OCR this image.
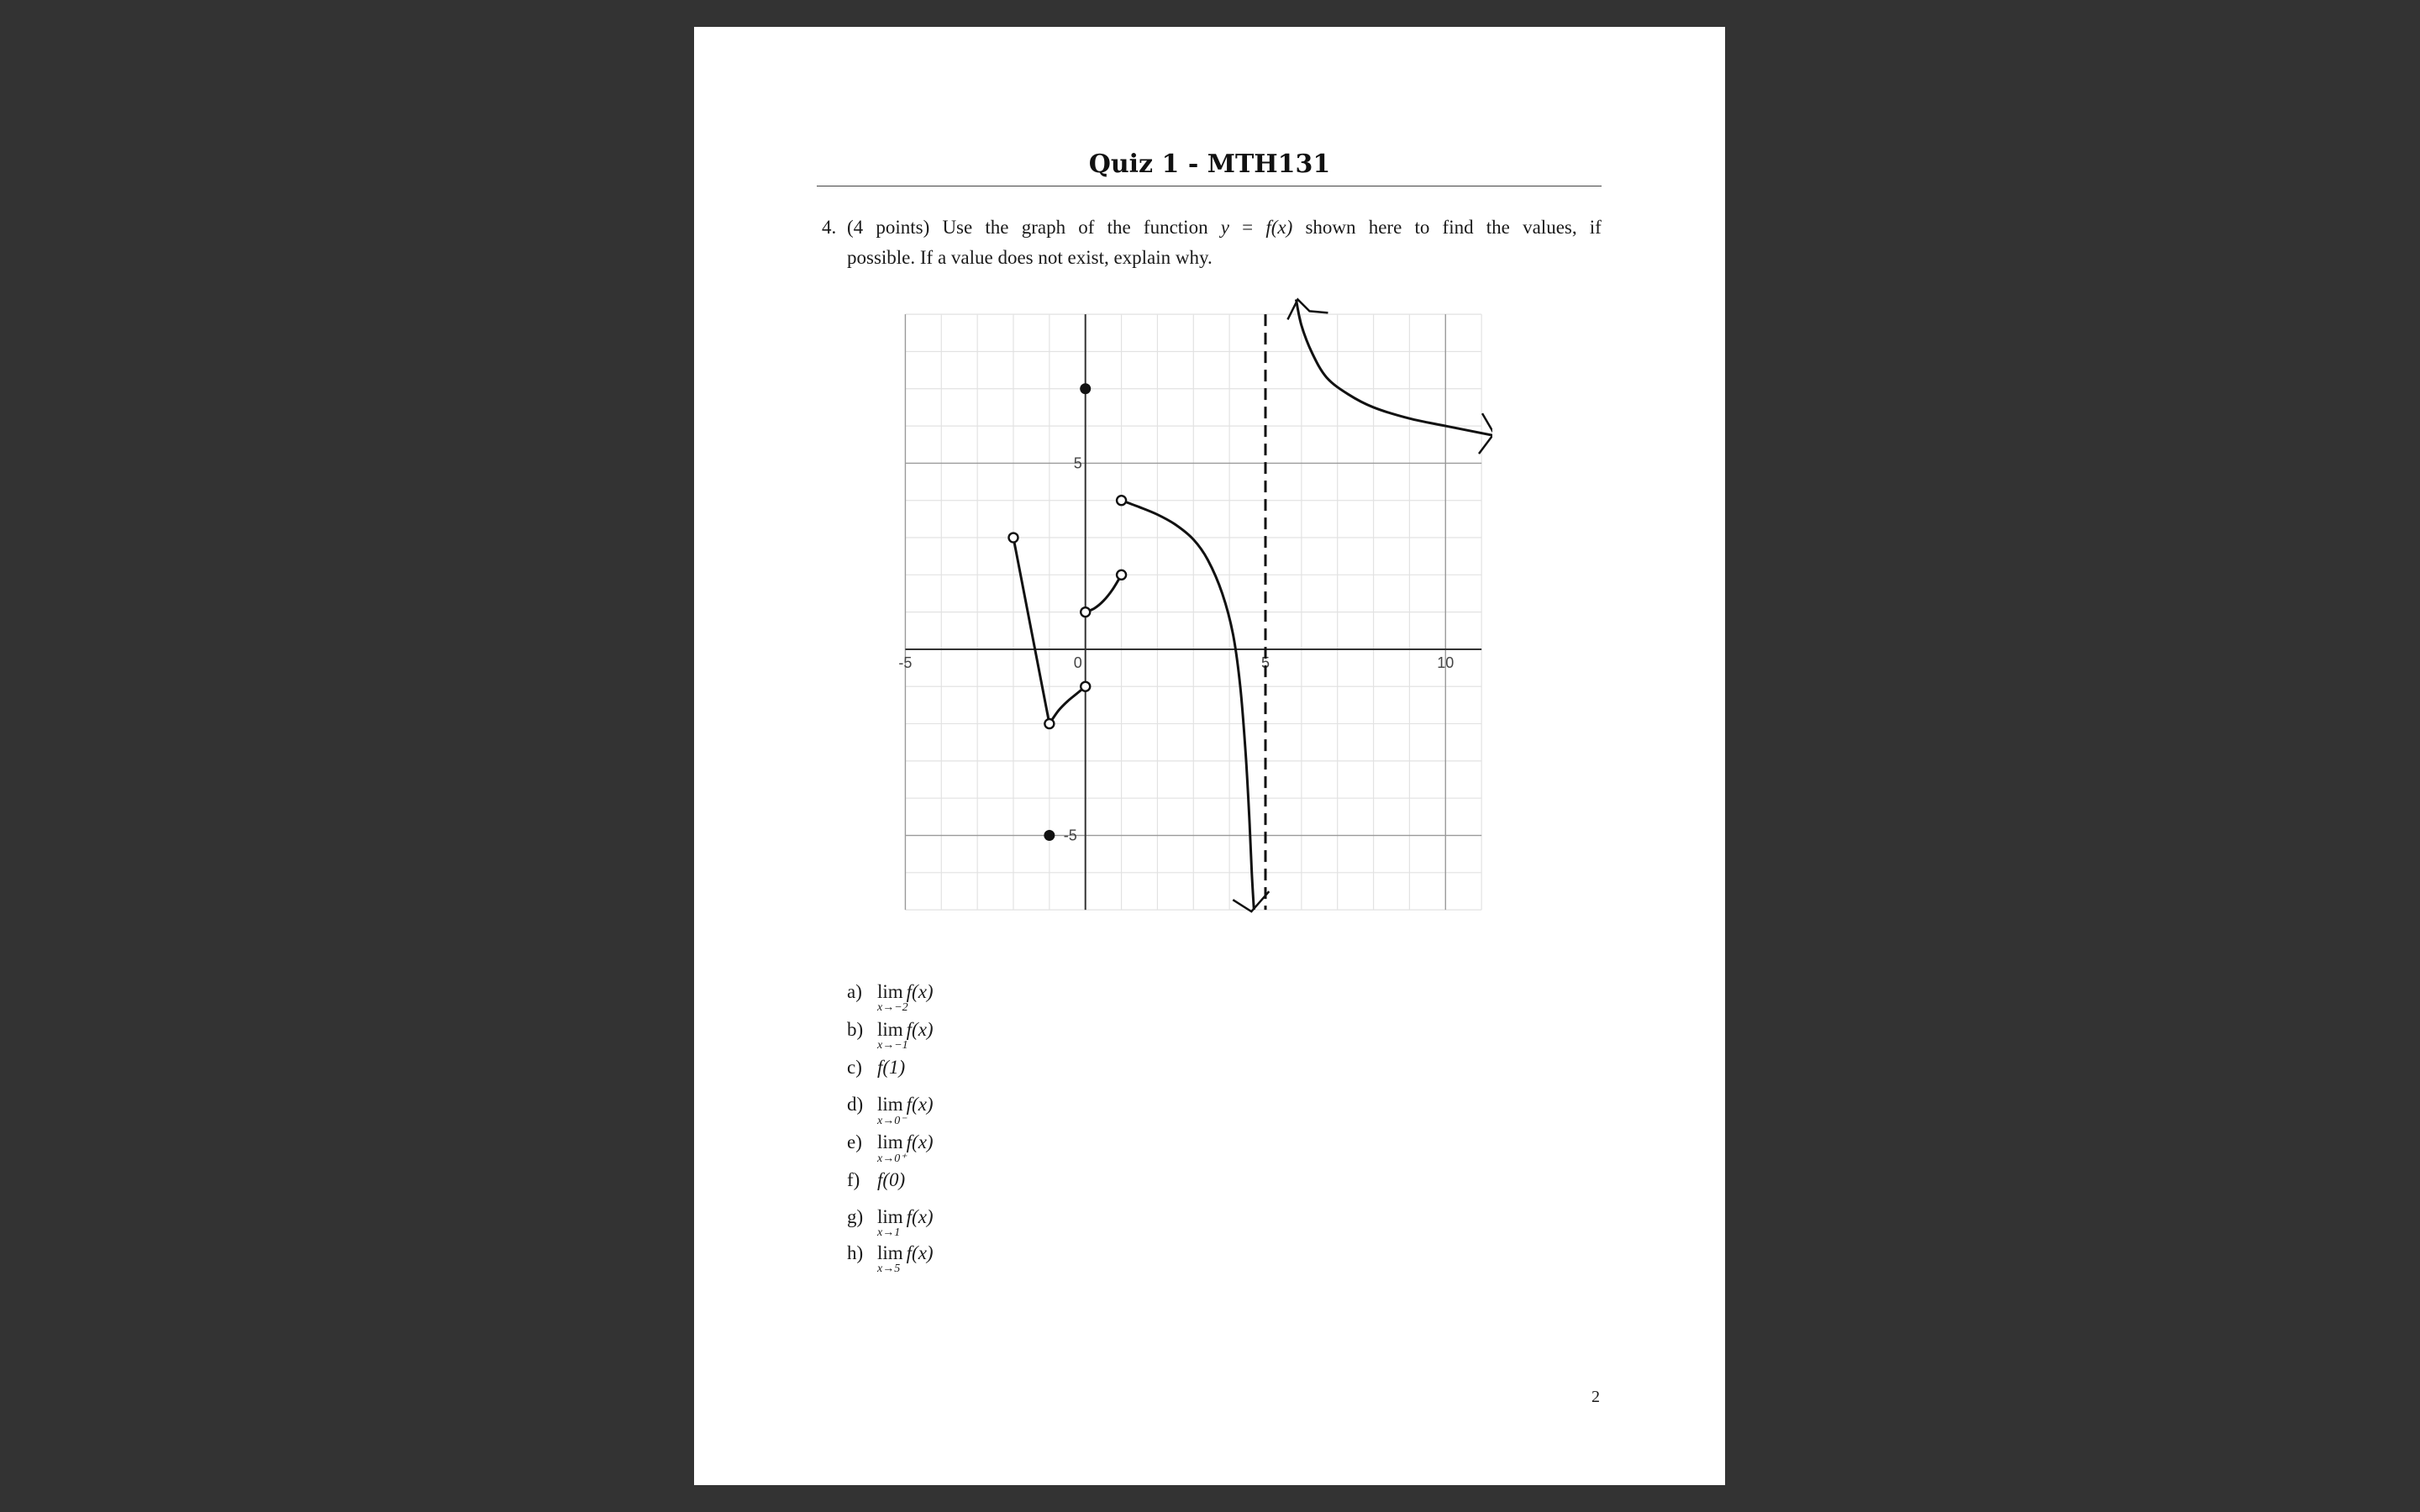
Quiz 1 - MTH131
4. (4 points) Use the graph of the function y = f(x) shown here to find the values, if
possible. If a value does not exist, explain why.
-5	0	5	10
5
-5
a) lim
x→−2
f(x)
b) lim
x→−1
f(x)
c) f(1)
d) lim
x→0⁻
f(x)
e) lim
x→0⁺
f(x)
f) f(0)
g) lim
x→1
f(x)
h) lim
x→5
f(x)
2
